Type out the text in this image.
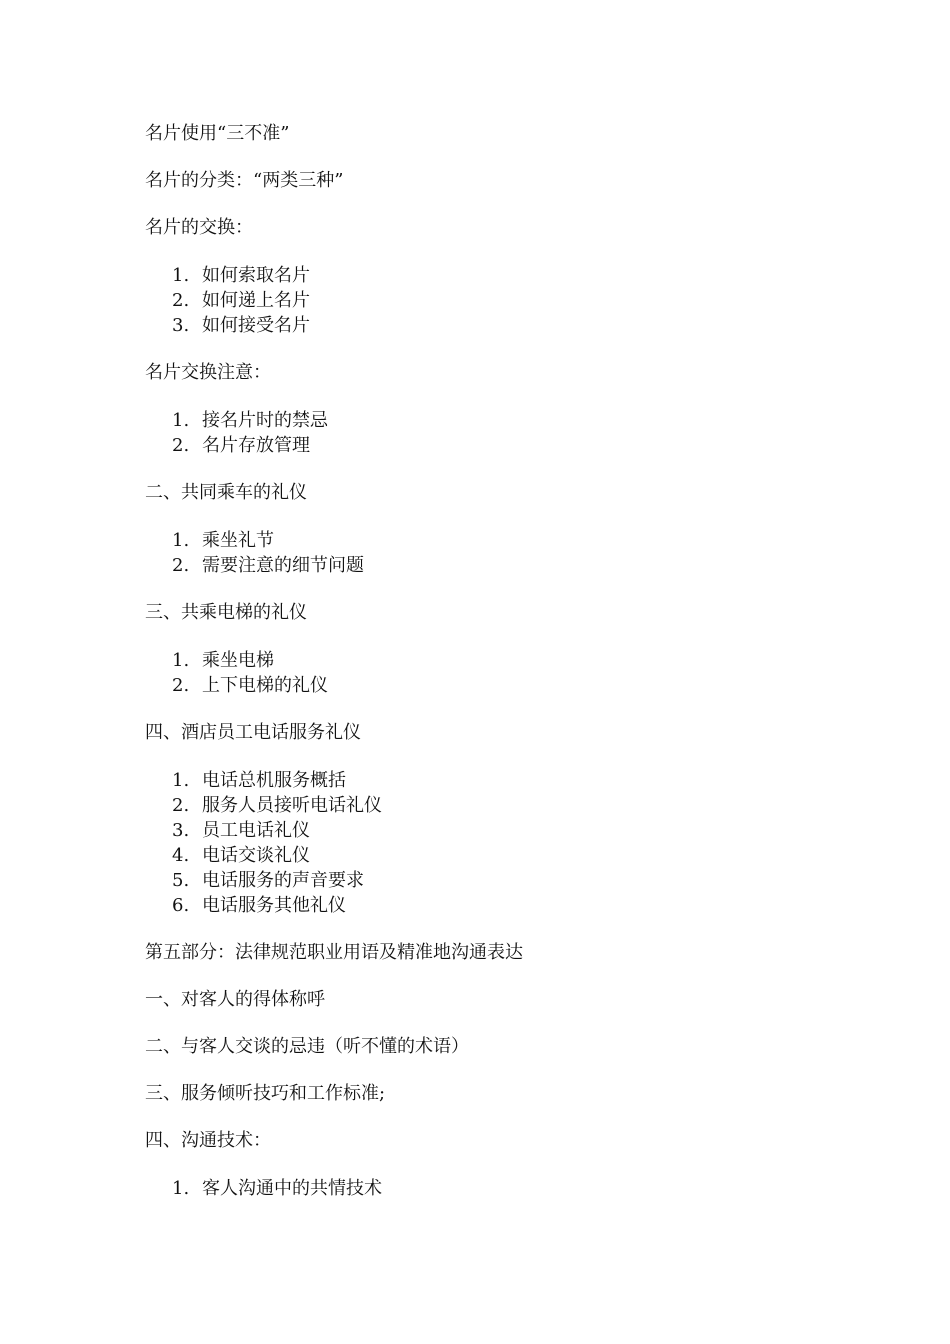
名片使用“三不准”
名片的分类：“两类三种”
名片的交换：
1. 如何索取名片
2. 如何递上名片
3. 如何接受名片
名片交换注意：
1. 接名片时的禁忌
2. 名片存放管理
二、共同乘车的礼仪
1. 乘坐礼节
2. 需要注意的细节问题
三、共乘电梯的礼仪
1. 乘坐电梯
2. 上下电梯的礼仪
四、酒店员工电话服务礼仪
1. 电话总机服务概括
2. 服务人员接听电话礼仪
3. 员工电话礼仪
4. 电话交谈礼仪
5. 电话服务的声音要求
6. 电话服务其他礼仪
第五部分：法律规范职业用语及精准地沟通表达
一、对客人的得体称呼
二、与客人交谈的忌违（听不懂的术语）
三、服务倾听技巧和工作标准;
四、沟通技术：
1. 客人沟通中的共情技术
